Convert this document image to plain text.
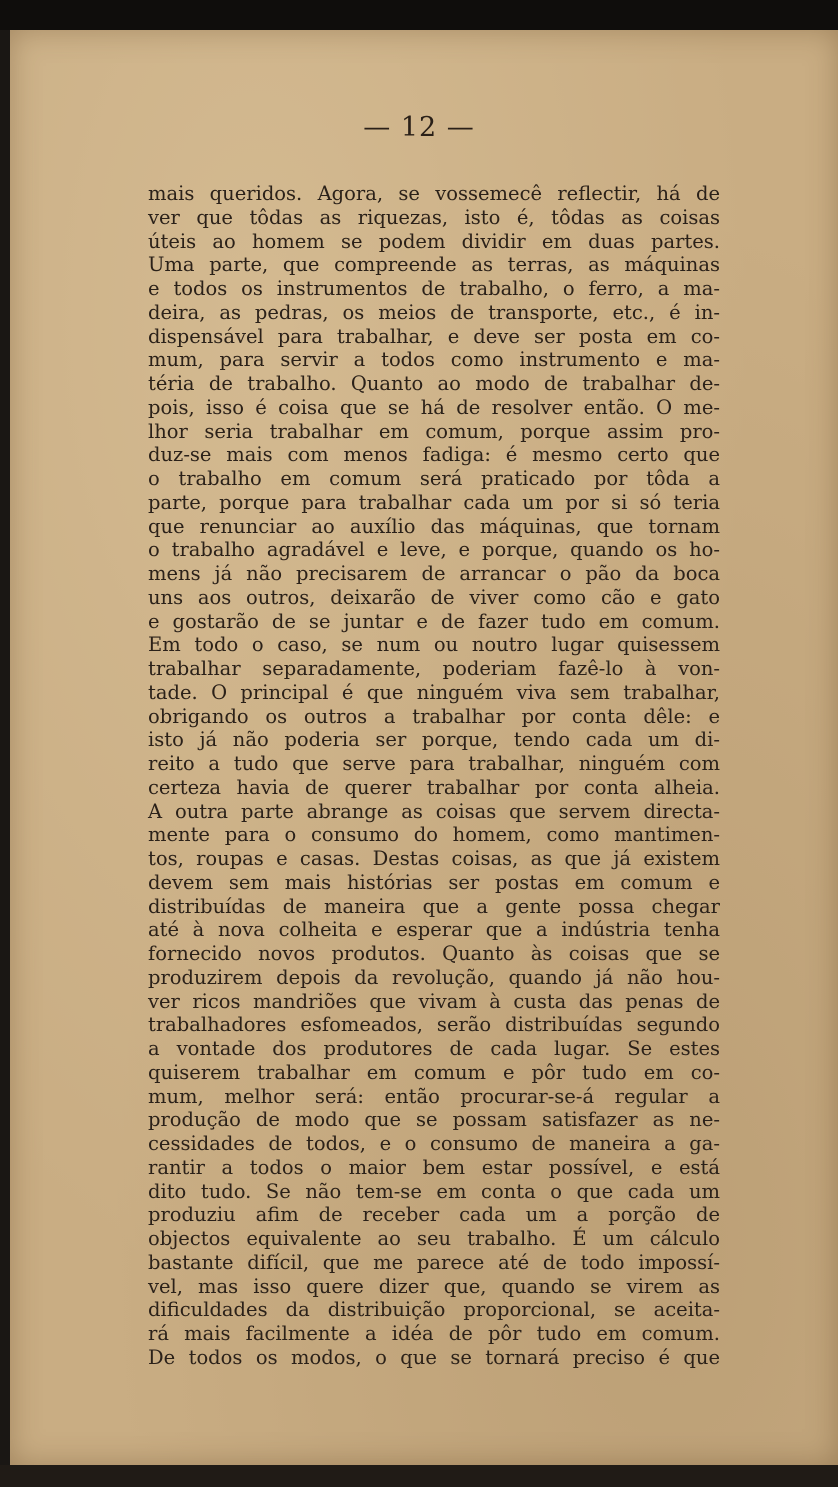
— 12 —
mais queridos. Agora, se vossemecê reflectir, há de
ver que tôdas as riquezas, isto é, tôdas as coisas
úteis ao homem se podem dividir em duas partes.
Uma parte, que compreende as terras, as máquinas
e todos os instrumentos de trabalho, o ferro, a ma-
deira, as pedras, os meios de transporte, etc., é in-
dispensável para trabalhar, e deve ser posta em co-
mum, para servir a todos como instrumento e ma-
téria de trabalho. Quanto ao modo de trabalhar de-
pois, isso é coisa que se há de resolver então. O me-
lhor seria trabalhar em comum, porque assim pro-
duz-se mais com menos fadiga: é mesmo certo que
o trabalho em comum será praticado por tôda a
parte, porque para trabalhar cada um por si só teria
que renunciar ao auxílio das máquinas, que tornam
o trabalho agradável e leve, e porque, quando os ho-
mens já não precisarem de arrancar o pão da boca
uns aos outros, deixarão de viver como cão e gato
e gostarão de se juntar e de fazer tudo em comum.
Em todo o caso, se num ou noutro lugar quisessem
trabalhar separadamente, poderiam fazê-lo à von-
tade. O principal é que ninguém viva sem trabalhar,
obrigando os outros a trabalhar por conta dêle: e
isto já não poderia ser porque, tendo cada um di-
reito a tudo que serve para trabalhar, ninguém com
certeza havia de querer trabalhar por conta alheia.
A outra parte abrange as coisas que servem directa-
mente para o consumo do homem, como mantimen-
tos, roupas e casas. Destas coisas, as que já existem
devem sem mais histórias ser postas em comum e
distribuídas de maneira que a gente possa chegar
até à nova colheita e esperar que a indústria tenha
fornecido novos produtos. Quanto às coisas que se
produzirem depois da revolução, quando já não hou-
ver ricos mandriões que vivam à custa das penas de
trabalhadores esfomeados, serão distribuídas segundo
a vontade dos produtores de cada lugar. Se estes
quiserem trabalhar em comum e pôr tudo em co-
mum, melhor será: então procurar-se-á regular a
produção de modo que se possam satisfazer as ne-
cessidades de todos, e o consumo de maneira a ga-
rantir a todos o maior bem estar possível, e está
dito tudo. Se não tem-se em conta o que cada um
produziu afim de receber cada um a porção de
objectos equivalente ao seu trabalho. É um cálculo
bastante difícil, que me parece até de todo impossí-
vel, mas isso quere dizer que, quando se virem as
dificuldades da distribuição proporcional, se aceita-
rá mais facilmente a idéa de pôr tudo em comum.
De todos os modos, o que se tornará preciso é que
